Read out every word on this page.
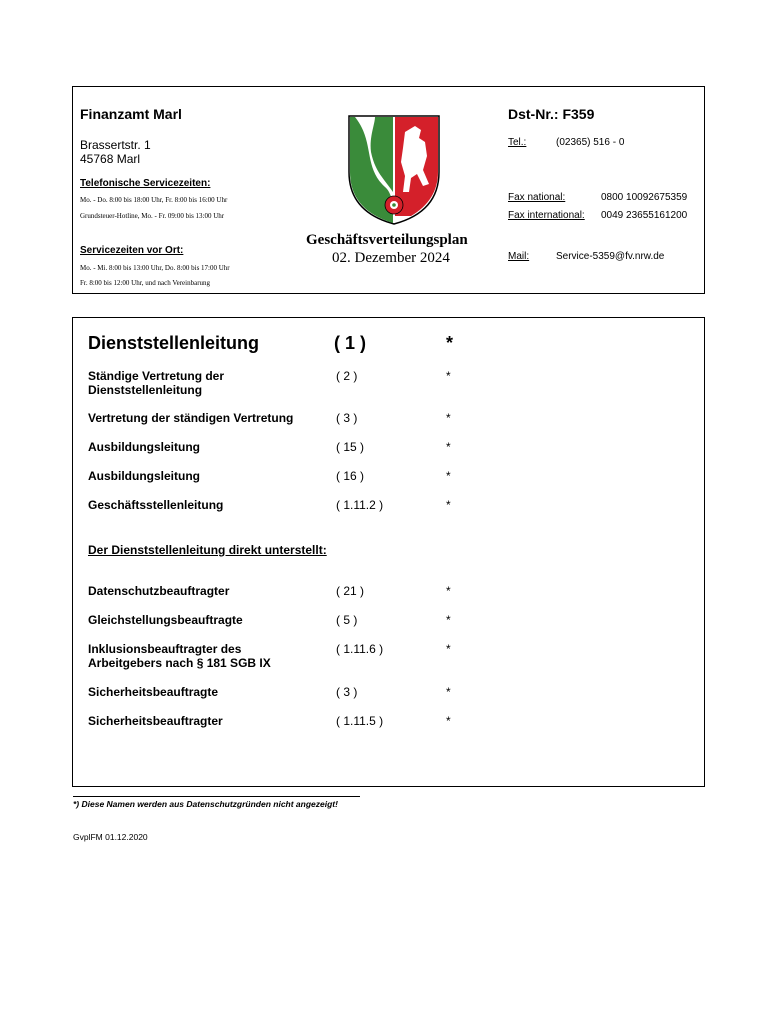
Finanzamt Marl	Dst-Nr.: F359
Brassertstr. 1
45768 Marl
Telefonische Servicezeiten:
Mo. - Do. 8:00 bis 18:00 Uhr, Fr. 8:00 bis 16:00 Uhr
Grundsteuer-Hotline, Mo. - Fr. 09:00 bis 13:00 Uhr
Servicezeiten vor Ort:
Mo. - Mi. 8:00 bis 13:00 Uhr, Do. 8:00 bis 17:00 Uhr
Fr. 8:00 bis 12:00 Uhr, und nach Vereinbarung
Geschäftsverteilungsplan
02. Dezember 2024
Tel.:	(02365) 516 - 0
Fax national:	0800 10092675359
Fax international: 0049 23655161200
Mail:	Service-5359@fv.nrw.de
Dienststellenleitung	( 1 )	*
Ständige Vertretung der
Dienststellenleitung
( 2 )	*
Vertretung der ständigen Vertretung	( 3 )	*
Ausbildungsleitung	( 15 )	*
Ausbildungsleitung	( 16 )	*
Geschäftsstellenleitung	( 1.11.2 )	*
Der Dienststellenleitung direkt unterstellt:
Datenschutzbeauftragter	( 21 )	*
Gleichstellungsbeauftragte	( 5 )	*
Inklusionsbeauftragter des
Arbeitgebers nach § 181 SGB IX
( 1.11.6 )	*
Sicherheitsbeauftragte	( 3 )	*
Sicherheitsbeauftragter	( 1.11.5 )	*
*) Diese Namen werden aus Datenschutzgründen nicht angezeigt!
GvplFM 01.12.2020
